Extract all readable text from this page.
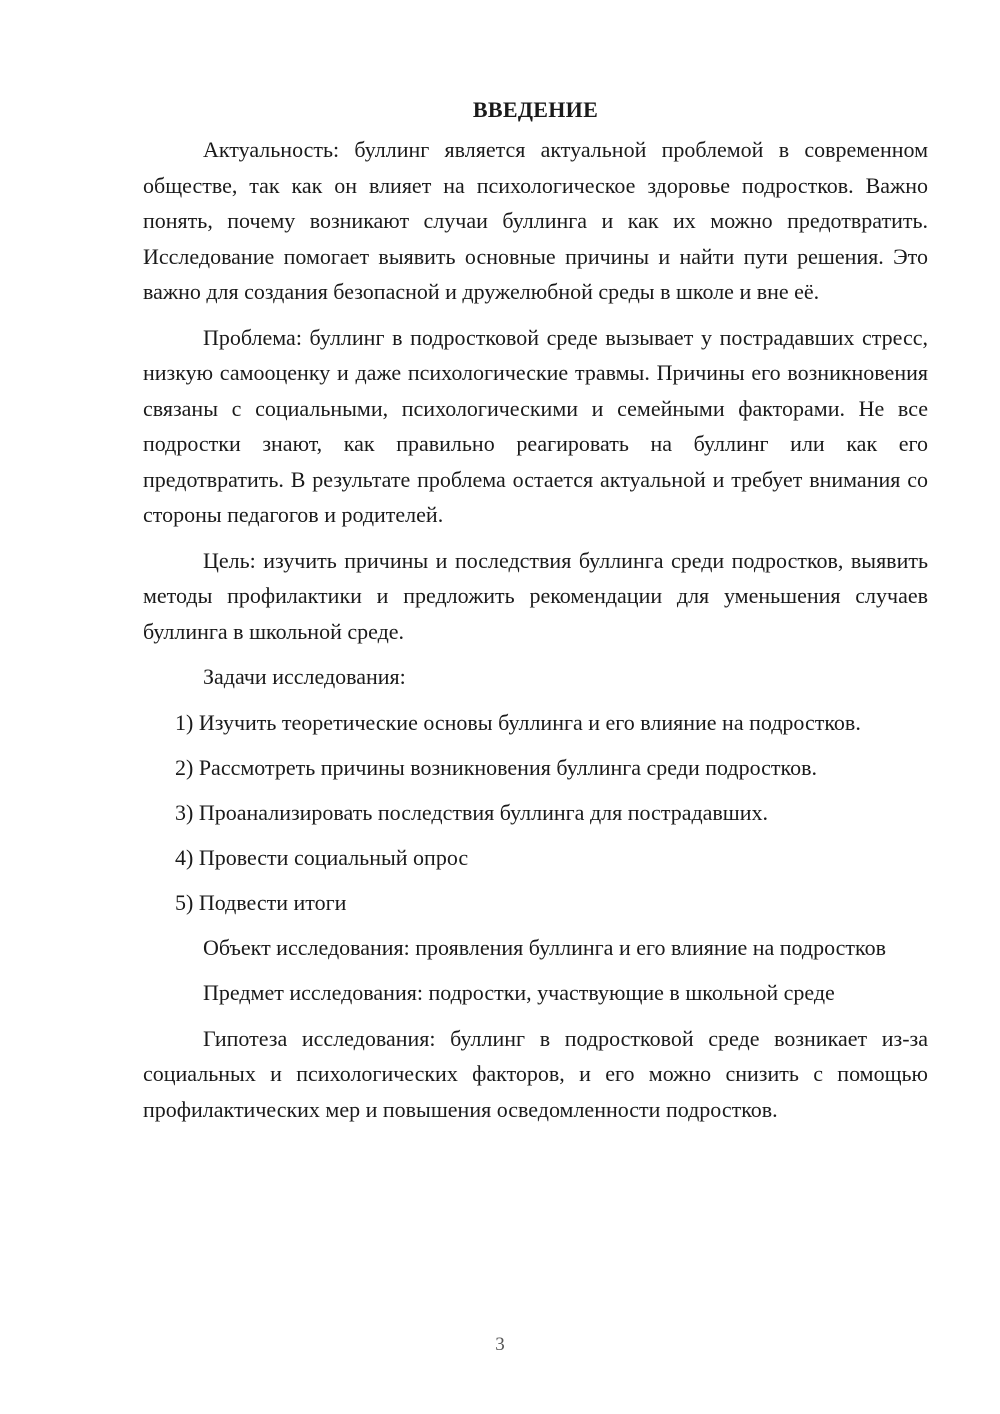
ВВЕДЕНИЕ

Актуальность: буллинг является актуальной проблемой в современном обществе, так как он влияет на психологическое здоровье подростков. Важно понять, почему возникают случаи буллинга и как их можно предотвратить. Исследование помогает выявить основные причины и найти пути решения. Это важно для создания безопасной и дружелюбной среды в школе и вне её.

Проблема: буллинг в подростковой среде вызывает у пострадавших стресс, низкую самооценку и даже психологические травмы. Причины его возникновения связаны с социальными, психологическими и семейными факторами. Не все подростки знают, как правильно реагировать на буллинг или как его предотвратить. В результате проблема остается актуальной и требует внимания со стороны педагогов и родителей.

Цель: изучить причины и последствия буллинга среди подростков, выявить методы профилактики и предложить рекомендации для уменьшения случаев буллинга в школьной среде.

Задачи исследования:

1) Изучить теоретические основы буллинга и его влияние на подростков.

2) Рассмотреть причины возникновения буллинга среди подростков.

3) Проанализировать последствия буллинга для пострадавших.

4) Провести социальный опрос

5) Подвести итоги

Объект исследования: проявления буллинга и его влияние на подростков

Предмет исследования: подростки, участвующие в школьной среде

Гипотеза исследования: буллинг в подростковой среде возникает из-за социальных и психологических факторов, и его можно снизить с помощью профилактических мер и повышения осведомленности подростков.

3
